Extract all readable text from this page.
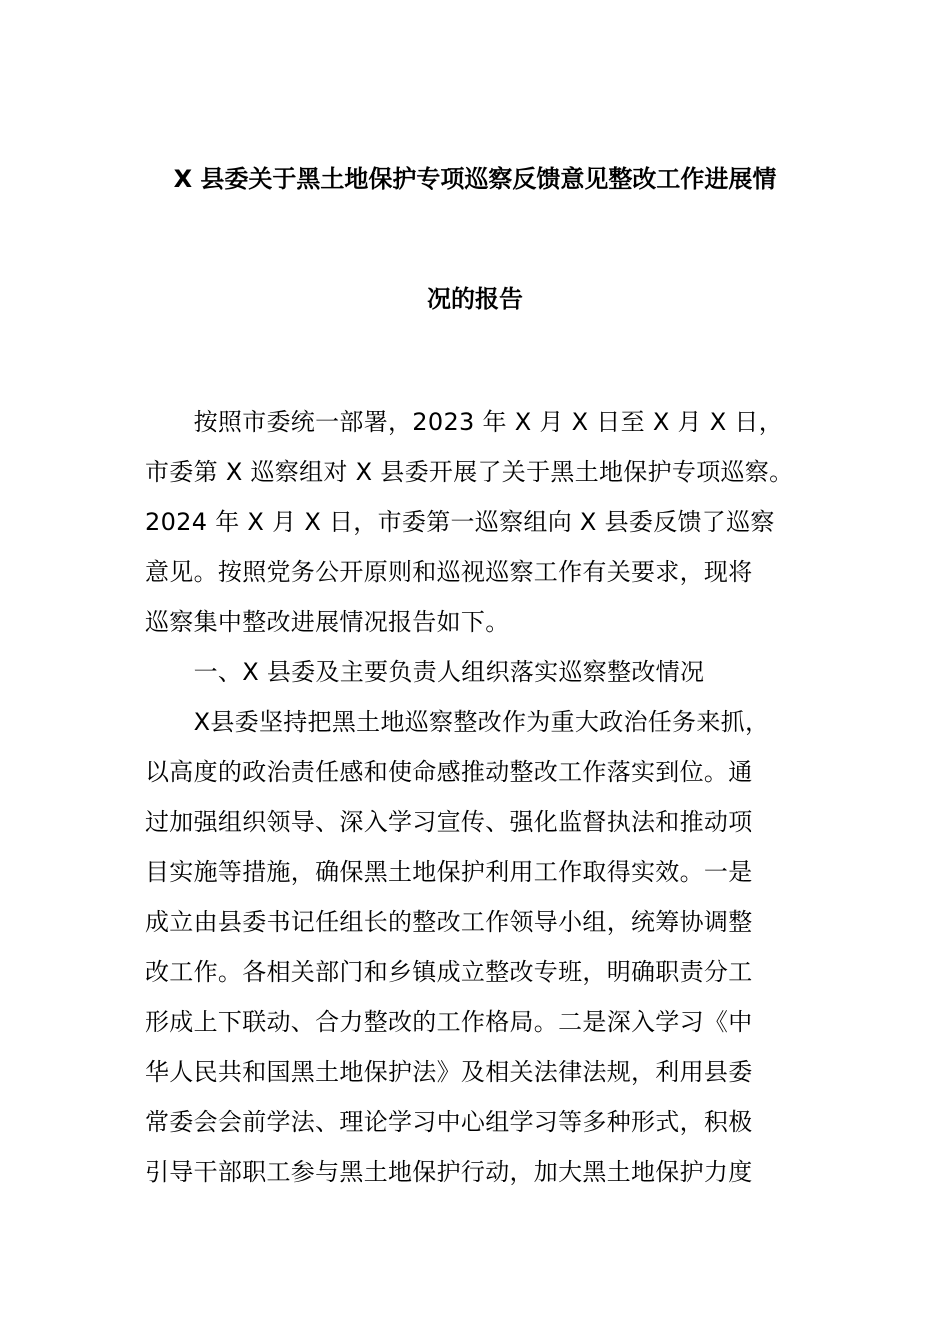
X 县委关于黑土地保护专项巡察反馈意见整改工作进展情
况的报告
　　按照市委统一部署，2023 年 X 月 X 日至 X 月 X 日，
市委第 X 巡察组对 X 县委开展了关于黑土地保护专项巡察。
2024 年 X 月 X 日，市委第一巡察组向 X 县委反馈了巡察
意见。按照党务公开原则和巡视巡察工作有关要求，现将
巡察集中整改进展情况报告如下。
　　一、X 县委及主要负责人组织落实巡察整改情况
　　X县委坚持把黑土地巡察整改作为重大政治任务来抓，
以高度的政治责任感和使命感推动整改工作落实到位。通
过加强组织领导、深入学习宣传、强化监督执法和推动项
目实施等措施，确保黑土地保护利用工作取得实效。一是
成立由县委书记任组长的整改工作领导小组，统筹协调整
改工作。各相关部门和乡镇成立整改专班，明确职责分工
形成上下联动、合力整改的工作格局。二是深入学习《中
华人民共和国黑土地保护法》及相关法律法规，利用县委
常委会会前学法、理论学习中心组学习等多种形式，积极
引导干部职工参与黑土地保护行动，加大黑土地保护力度
